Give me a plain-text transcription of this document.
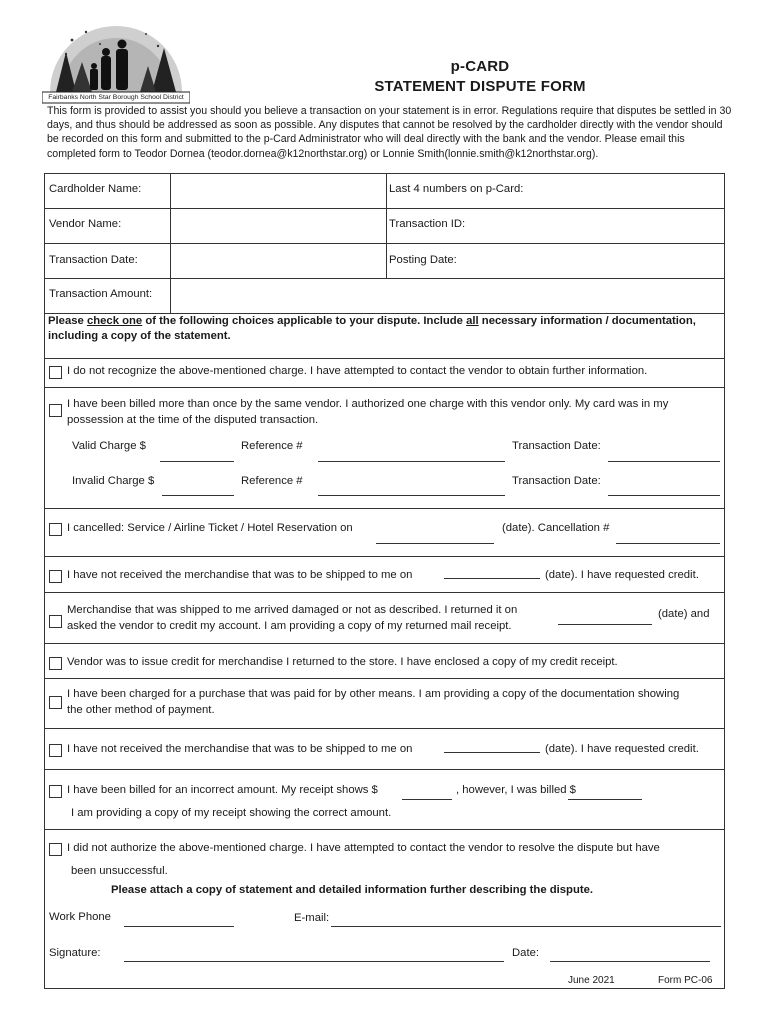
Fairbanks North Star Borough School District
p-CARD
STATEMENT DISPUTE FORM
This form is provided to assist you should you believe a transaction on your statement is in error. Regulations require that disputes be settled in 30 days, and thus should be addressed as soon as possible. Any disputes that cannot be resolved by the cardholder directly with the vendor should be recorded on this form and submitted to the p-Card Administrator who will deal directly with the bank and the vendor. Please email this completed form to Teodor Dornea (teodor.dornea@k12northstar.org) or Lonnie Smith(lonnie.smith@k12northstar.org).
Cardholder Name:	Last 4 numbers on p-Card:
Vendor Name:	Transaction ID:
Transaction Date:	Posting Date:
Transaction Amount:
Please check one of the following choices applicable to your dispute. Include all necessary information / documentation,
including a copy of the statement.
I do not recognize the above-mentioned charge. I have attempted to contact the vendor to obtain further information.
I have been billed more than once by the same vendor. I authorized one charge with this vendor only. My card was in my
possession at the time of the disputed transaction.
Valid Charge $	Reference #	Transaction Date:
Invalid Charge $	Reference #	Transaction Date:
I cancelled: Service / Airline Ticket / Hotel Reservation on	(date). Cancellation #
I have not received the merchandise that was to be shipped to me on	(date). I have requested credit.
Merchandise that was shipped to me arrived damaged or not as described. I returned it on	(date) and
asked the vendor to credit my account. I am providing a copy of my returned mail receipt.
Vendor was to issue credit for merchandise I returned to the store. I have enclosed a copy of my credit receipt.
I have been charged for a purchase that was paid for by other means. I am providing a copy of the documentation showing
the other method of payment.
I have not received the merchandise that was to be shipped to me on	(date). I have requested credit.
I have been billed for an incorrect amount. My receipt shows $	, however, I was billed $
I am providing a copy of my receipt showing the correct amount.
I did not authorize the above-mentioned charge. I have attempted to contact the vendor to resolve the dispute but have
been unsuccessful.
Please attach a copy of statement and detailed information further describing the dispute.
Work Phone	E-mail:
Signature:	Date:
June 2021	Form PC-06
